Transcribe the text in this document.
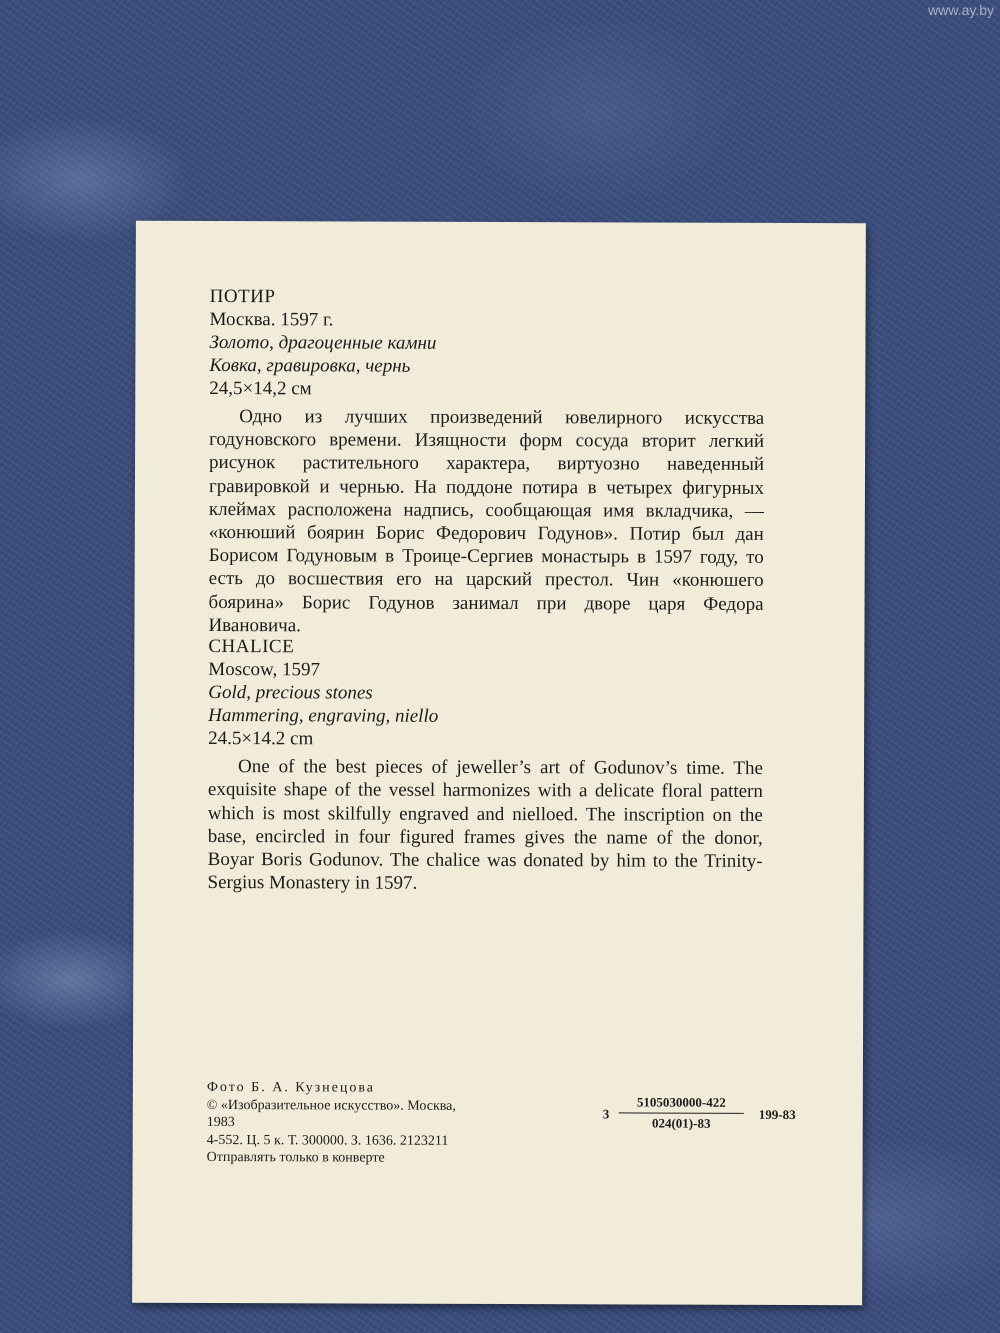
www.ay.by
ПОТИР
Москва. 1597 г.
Золото, драгоценные камни
Ковка, гравировка, чернь
24,5×14,2 см
Одно из лучших произведений ювелирного искусства годуновского времени. Изящности форм сосуда вторит легкий рисунок растительного характера, виртуозно наведенный гравировкой и чернью. На поддоне потира в четырех фигурных клеймах расположена надпись, сообщающая имя вкладчика, — «конюший боярин Борис Федорович Годунов». Потир был дан Борисом Годуновым в Троице-Сергиев монастырь в 1597 году, то есть до восшествия его на царский престол. Чин «конюшего боярина» Борис Годунов занимал при дворе царя Федора Ивановича.
CHALICE
Moscow, 1597
Gold, precious stones
Hammering, engraving, niello
24.5×14.2 cm
One of the best pieces of jeweller’s art of Godunov’s time. The exquisite shape of the vessel harmonizes with a delicate floral pattern which is most skilfully engraved and nielloed. The inscription on the base, encircled in four figured frames gives the name of the donor, Boyar Boris Godunov. The chalice was donated by him to the Trinity-Sergius Monastery in 1597.
Фото Б. А. Кузнецова
© «Изобразительное искусство». Москва, 1983
4-552. Ц. 5 к. Т. 300000. З. 1636. 2123211
Отправлять только в конверте
$3 \frac{5105030000-422}{024(01)-83} 199-83$
